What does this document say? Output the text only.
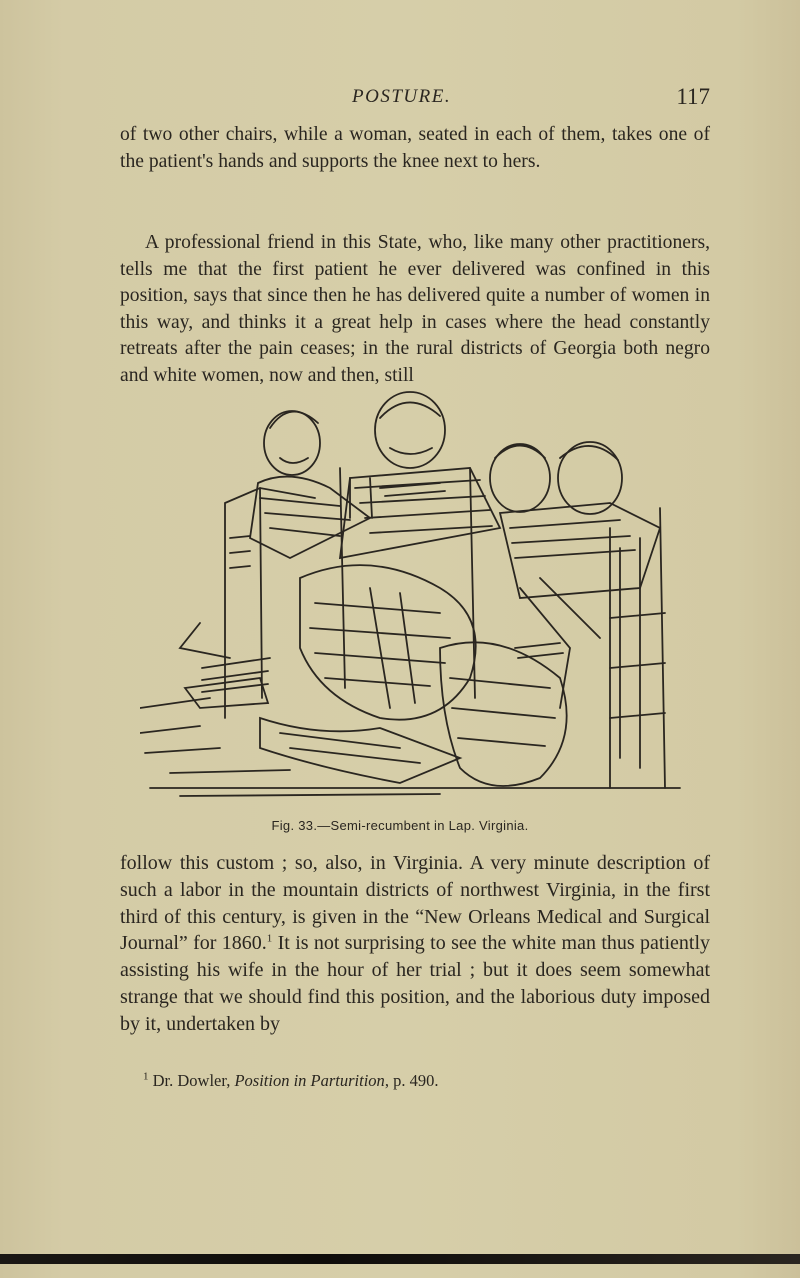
POSTURE.	117

of two other chairs, while a woman, seated in each of them, takes one of the patient's hands and supports the knee next to hers.

A professional friend in this State, who, like many other practitioners, tells me that the first patient he ever delivered was confined in this position, says that since then he has delivered quite a number of women in this way, and thinks it a great help in cases where the head constantly retreats after the pain ceases; in the rural districts of Georgia both negro and white women, now and then, still

Fig. 33.—Semi-recumbent in Lap. Virginia.

follow this custom ; so, also, in Virginia. A very minute description of such a labor in the mountain districts of northwest Virginia, in the first third of this century, is given in the “New Orleans Medical and Surgical Journal” for 1860.$^1$ It is not surprising to see the white man thus patiently assisting his wife in the hour of her trial ; but it does seem somewhat strange that we should find this position, and the laborious duty imposed by it, undertaken by

$^1$ Dr. Dowler, Position in Parturition, p. 490.
